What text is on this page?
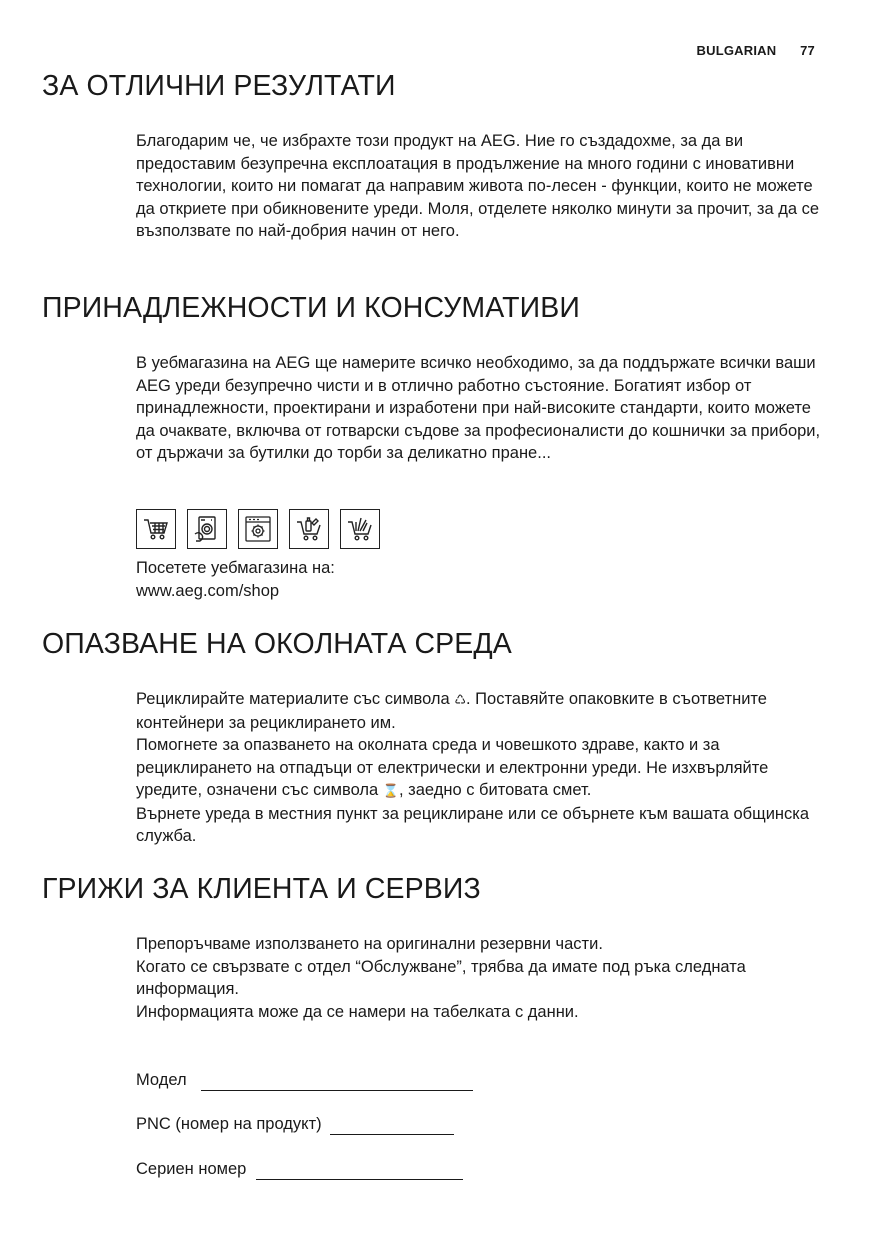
BULGARIAN 77
ЗА ОТЛИЧНИ РЕЗУЛТАТИ

Благодарим че, че избрахте този продукт на AEG. Ние го създадохме, за да ви предоставим безупречна експлоатация в продължение на много години с иновативни технологии, които ни помагат да направим живота по-лесен - функции, които не можете да откриете при обикновените уреди. Моля, отделете няколко минути за прочит, за да се възползвате по най-добрия начин от него.

ПРИНАДЛЕЖНОСТИ И КОНСУМАТИВИ

В уебмагазина на AEG ще намерите всичко необходимо, за да поддържате всички ваши AEG уреди безупречно чисти и в отлично работно състояние. Богатият избор от принадлежности, проектирани и изработени при най-високите стандарти, които можете да очаквате, включва от готварски съдове за професионалисти до кошнички за прибори, от държачи за бутилки до торби за деликатно пране...

Посетете уебмагазина на:

www.aeg.com/shop

ОПАЗВАНЕ НА ОКОЛНАТА СРЕДА

Рециклирайте материалите със символа ♺. Поставяйте опаковките в съответните контейнери за рециклирането им.

Помогнете за опазването на околната среда и човешкото здраве, както и за рециклирането на отпадъци от електрически и електронни уреди. Не изхвърляйте уредите, означени със символа ⌛, заедно с битовата смет.

Върнете уреда в местния пункт за рециклиране или се обърнете към вашата общинска служба.

ГРИЖИ ЗА КЛИЕНТА И СЕРВИЗ

Препоръчваме използването на оригинални резервни части.

Когато се свързвате с отдел “Обслужване”, трябва да имате под ръка следната информация.

Информацията може да се намери на табелката с данни.

Модел
PNC (номер на продукт)
Сериен номер
